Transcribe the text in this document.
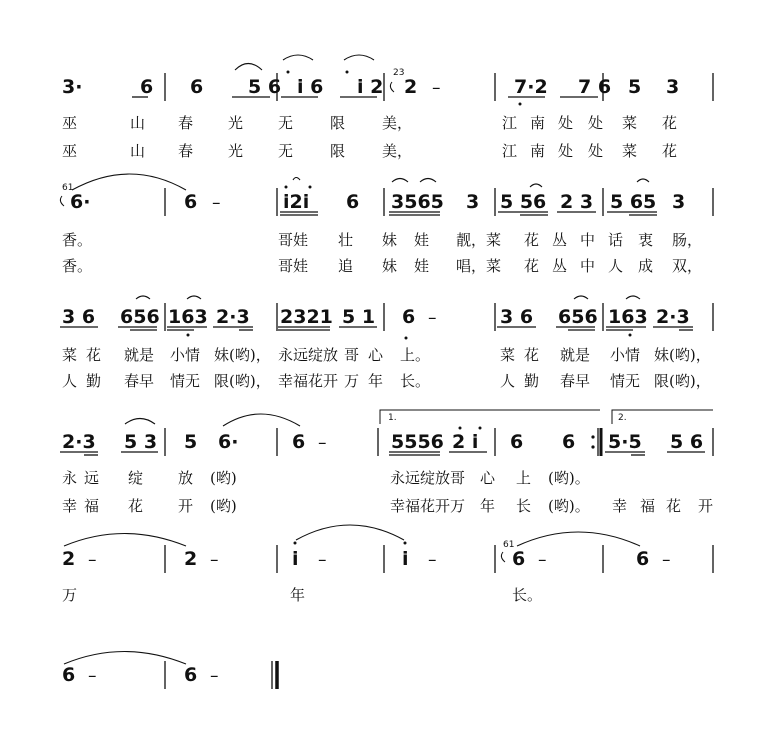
3·	6 6 5 6 i 6 i 2 2 –	7·2 7 6 5 3
23
6·	6 –	i2i 6 3565 3 5 56 2 3 5 65 3
61
3 6 656 163 2·3 2321 5 1 6 –	3 6 656 163 2·3
2·3 5 3 5 6·	6 –	5556 2 i 6 6 5·5 5 6
1.	2.
2 –	2 –	i –	i –	6 –	6 –
61
6 –	6 –
巫	山 春 光 无 限 美，	江 南 处 处 菜 花
巫	山 春 光 无 限 美，	江 南 处 处 菜 花
香。	哥娃 壮 妹 娃 靓，菜 花 丛 中 话 衷 肠，
香。	哥娃 追 妹 娃 唱，菜 花 丛 中 人 成 双，
菜 花 就是 小情 妹(哟)， 永远绽放 哥 心 上。	菜 花 就是 小情 妹(哟)，
人 勤 春早 情无 限(哟)， 幸福花开 万 年 长。	人 勤 春早 情无 限(哟)，
永 远 绽 放 (哟)	永远绽放 哥 心 上 (哟)。
幸 福 花 开 (哟)	幸福花开 万 年 长 (哟)。 幸 福 花 开
万	年	长。
